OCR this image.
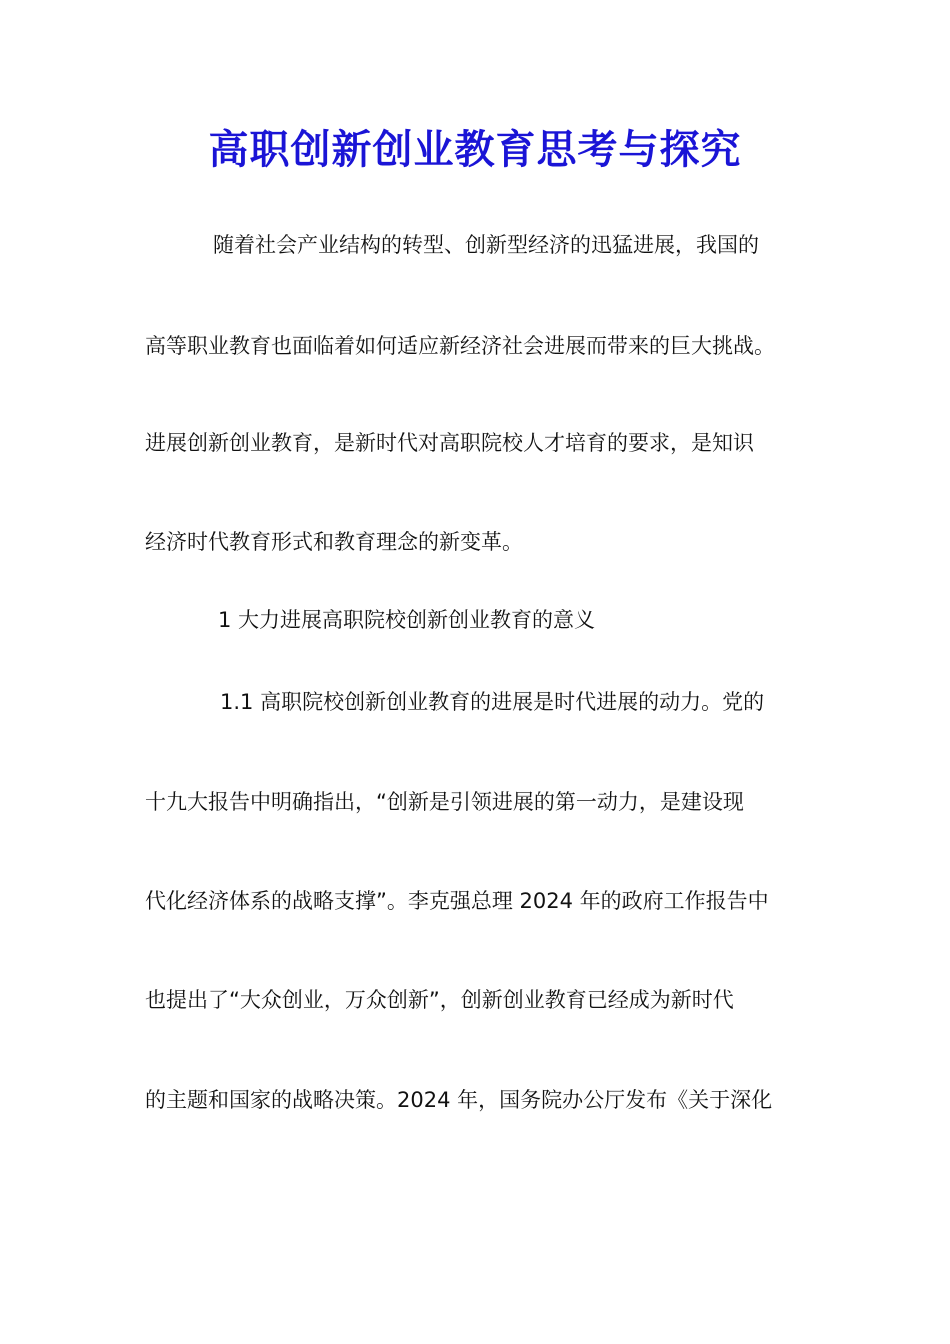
高职创新创业教育思考与探究

随着社会产业结构的转型、创新型经济的迅猛进展，我国的

高等职业教育也面临着如何适应新经济社会进展而带来的巨大挑战。

进展创新创业教育，是新时代对高职院校人才培育的要求，是知识

经济时代教育形式和教育理念的新变革。

1 大力进展高职院校创新创业教育的意义

1.1 高职院校创新创业教育的进展是时代进展的动力。党的

十九大报告中明确指出，“创新是引领进展的第一动力，是建设现

代化经济体系的战略支撑”。李克强总理 2024 年的政府工作报告中

也提出了“大众创业，万众创新”，创新创业教育已经成为新时代

的主题和国家的战略决策。2024 年，国务院办公厅发布《关于深化
